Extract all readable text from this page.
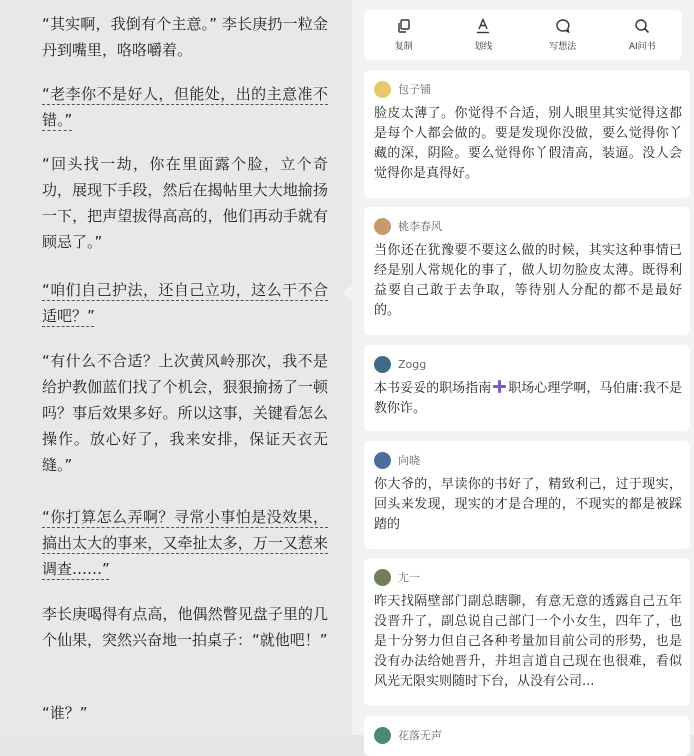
“其实啊，我倒有个主意。” 李长庚扔一粒金丹到嘴里，咯咯嚼着。

“老李你不是好人，但能处，出的主意准不错。”

“回头找一劫，你在里面露个脸，立个奇功，展现下手段，然后在揭帖里大大地揄扬一下，把声望拔得高高的，他们再动手就有顾忌了。”

“咱们自己护法，还自己立功，这么干不合适吧？”

“有什么不合适？上次黄风岭那次，我不是给护教伽蓝们找了个机会，狠狠揄扬了一顿吗？事后效果多好。所以这事，关键看怎么操作。放心好了，我来安排，保证天衣无缝。”

“你打算怎么弄啊？寻常小事怕是没效果，搞出太大的事来，又牵扯太多，万一又惹来调查……”

李长庚喝得有点高，他偶然瞥见盘子里的几个仙果，突然兴奋地一拍桌子：“就他吧！”

“谁？”

复制	划线	写想法	AI问书
包子铺

脸皮太薄了。你觉得不合适，别人眼里其实觉得这都是每个人都会做的。要是发现你没做，要么觉得你丫藏的深，阴险。要么觉得你丫假清高，装逼。没人会觉得你是真得好。

桃李春风

当你还在犹豫要不要这么做的时候，其实这种事情已经是别人常规化的事了，做人切勿脸皮太薄。既得利益要自己敢于去争取，等待别人分配的都不是最好的。

Zogg

本书妥妥的职场指南 职场心理学啊，马伯庸:我不是教你诈。

向晓

你大爷的，早读你的书好了，精致利己，过于现实，回头来发现，现实的才是合理的，不现实的都是被踩踏的

尢一

昨天找隔壁部门副总瞎聊，有意无意的透露自己五年没晋升了，副总说自己部门一个小女生，四年了，也是十分努力但自己各种考量加目前公司的形势，也是没有办法给她晋升，并坦言道自己现在也很难，看似风光无限实则随时下台，从没有公司...

花落无声
